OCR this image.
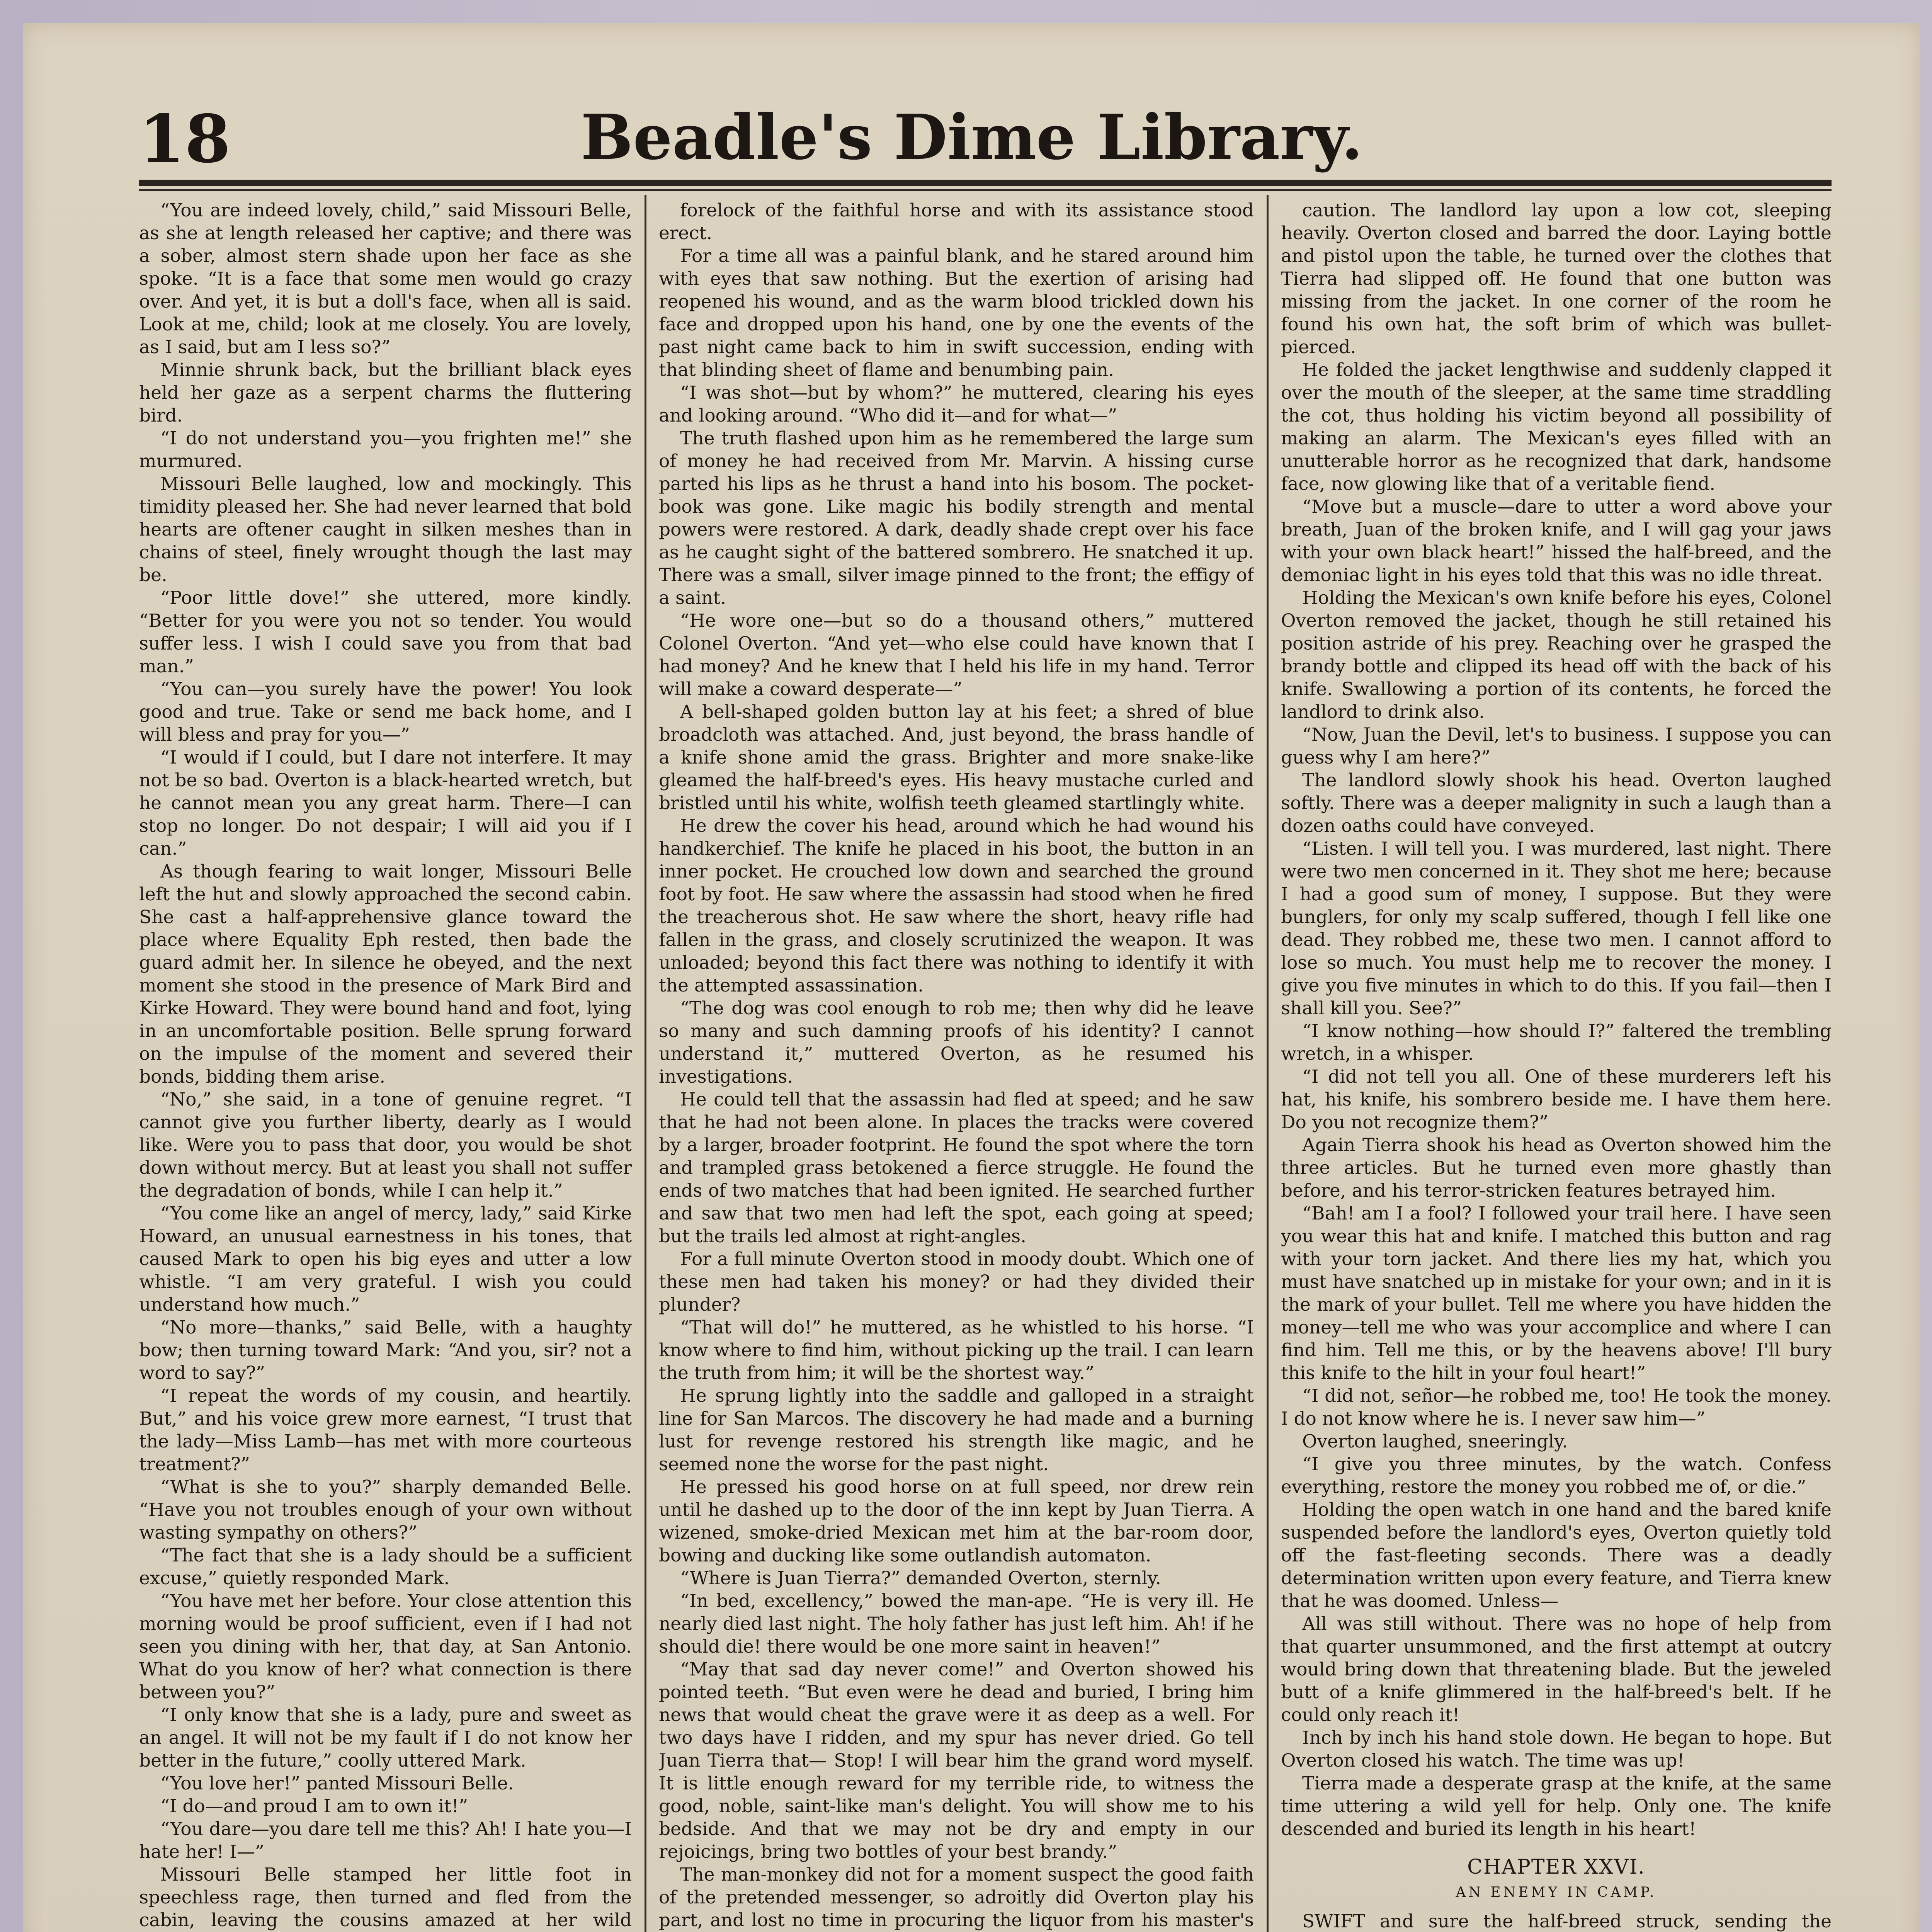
18	Beadle's Dime Library.

“You are indeed lovely, child,” said Missouri Belle, as she at length released her captive; and there was a sober, almost stern shade upon her face as she spoke. “It is a face that some men would go crazy over. And yet, it is but a doll's face, when all is said. Look at me, child; look at me closely. You are lovely, as I said, but am I less so?”

Minnie shrunk back, but the brilliant black eyes held her gaze as a serpent charms the fluttering bird.

“I do not understand you—you frighten me!” she murmured.

Missouri Belle laughed, low and mockingly. This timidity pleased her. She had never learned that bold hearts are oftener caught in silken meshes than in chains of steel, finely wrought though the last may be.

“Poor little dove!” she uttered, more kindly. “Better for you were you not so tender. You would suffer less. I wish I could save you from that bad man.”

“You can—you surely have the power! You look good and true. Take or send me back home, and I will bless and pray for you—”

“I would if I could, but I dare not interfere. It may not be so bad. Overton is a black-hearted wretch, but he cannot mean you any great harm. There—I can stop no longer. Do not despair; I will aid you if I can.”

As though fearing to wait longer, Missouri Belle left the hut and slowly approached the second cabin. She cast a half-apprehensive glance toward the place where Equality Eph rested, then bade the guard admit her. In silence he obeyed, and the next moment she stood in the presence of Mark Bird and Kirke Howard. They were bound hand and foot, lying in an uncomfortable position. Belle sprung forward on the impulse of the moment and severed their bonds, bidding them arise.

“No,” she said, in a tone of genuine regret. “I cannot give you further liberty, dearly as I would like. Were you to pass that door, you would be shot down without mercy. But at least you shall not suffer the degradation of bonds, while I can help it.”

“You come like an angel of mercy, lady,” said Kirke Howard, an unusual earnestness in his tones, that caused Mark to open his big eyes and utter a low whistle. “I am very grateful. I wish you could understand how much.”

“No more—thanks,” said Belle, with a haughty bow; then turning toward Mark: “And you, sir? not a word to say?”

“I repeat the words of my cousin, and heartily. But,” and his voice grew more earnest, “I trust that the lady—Miss Lamb—has met with more courteous treatment?”

“What is she to you?” sharply demanded Belle. “Have you not troubles enough of your own without wasting sympathy on others?”

“The fact that she is a lady should be a sufficient excuse,” quietly responded Mark.

“You have met her before. Your close attention this morning would be proof sufficient, even if I had not seen you dining with her, that day, at San Antonio. What do you know of her? what connection is there between you?”

“I only know that she is a lady, pure and sweet as an angel. It will not be my fault if I do not know her better in the future,” coolly uttered Mark.

“You love her!” panted Missouri Belle.

“I do—and proud I am to own it!”

“You dare—you dare tell me this? Ah! I hate you—I hate her! I—”

Missouri Belle stamped her little foot in speechless rage, then turned and fled from the cabin, leaving the cousins amazed at her wild

forelock of the faithful horse and with its assistance stood erect.

For a time all was a painful blank, and he stared around him with eyes that saw nothing. But the exertion of arising had reopened his wound, and as the warm blood trickled down his face and dropped upon his hand, one by one the events of the past night came back to him in swift succession, ending with that blinding sheet of flame and benumbing pain.

“I was shot—but by whom?” he muttered, clearing his eyes and looking around. “Who did it—and for what—”

The truth flashed upon him as he remembered the large sum of money he had received from Mr. Marvin. A hissing curse parted his lips as he thrust a hand into his bosom. The pocket-book was gone. Like magic his bodily strength and mental powers were restored. A dark, deadly shade crept over his face as he caught sight of the battered sombrero. He snatched it up. There was a small, silver image pinned to the front; the effigy of a saint.

“He wore one—but so do a thousand others,” muttered Colonel Overton. “And yet—who else could have known that I had money? And he knew that I held his life in my hand. Terror will make a coward desperate—”

A bell-shaped golden button lay at his feet; a shred of blue broadcloth was attached. And, just beyond, the brass handle of a knife shone amid the grass. Brighter and more snake-like gleamed the half-breed's eyes. His heavy mustache curled and bristled until his white, wolfish teeth gleamed startlingly white.

He drew the cover his head, around which he had wound his handkerchief. The knife he placed in his boot, the button in an inner pocket. He crouched low down and searched the ground foot by foot. He saw where the assassin had stood when he fired the treacherous shot. He saw where the short, heavy rifle had fallen in the grass, and closely scrutinized the weapon. It was unloaded; beyond this fact there was nothing to identify it with the attempted assassination.

“The dog was cool enough to rob me; then why did he leave so many and such damning proofs of his identity? I cannot understand it,” muttered Overton, as he resumed his investigations.

He could tell that the assassin had fled at speed; and he saw that he had not been alone. In places the tracks were covered by a larger, broader footprint. He found the spot where the torn and trampled grass betokened a fierce struggle. He found the ends of two matches that had been ignited. He searched further and saw that two men had left the spot, each going at speed; but the trails led almost at right-angles.

For a full minute Overton stood in moody doubt. Which one of these men had taken his money? or had they divided their plunder?

“That will do!” he muttered, as he whistled to his horse. “I know where to find him, without picking up the trail. I can learn the truth from him; it will be the shortest way.”

He sprung lightly into the saddle and galloped in a straight line for San Marcos. The discovery he had made and a burning lust for revenge restored his strength like magic, and he seemed none the worse for the past night.

He pressed his good horse on at full speed, nor drew rein until he dashed up to the door of the inn kept by Juan Tierra. A wizened, smoke-dried Mexican met him at the bar-room door, bowing and ducking like some outlandish automaton.

“Where is Juan Tierra?” demanded Overton, sternly.

“In bed, excellency,” bowed the man-ape. “He is very ill. He nearly died last night. The holy father has just left him. Ah! if he should die! there would be one more saint in heaven!”

“May that sad day never come!” and Overton showed his pointed teeth. “But even were he dead and buried, I bring him news that would cheat the grave were it as deep as a well. For two days have I ridden, and my spur has never dried. Go tell Juan Tierra that— Stop! I will bear him the grand word myself. It is little enough reward for my terrible ride, to witness the good, noble, saint-like man's delight. You will show me to his bedside. And that we may not be dry and empty in our rejoicings, bring two bottles of your best brandy.”

The man-monkey did not for a moment suspect the good faith of the pretended messenger, so adroitly did Overton play his part, and lost no time in procuring the liquor from his master's

caution. The landlord lay upon a low cot, sleeping heavily. Overton closed and barred the door. Laying bottle and pistol upon the table, he turned over the clothes that Tierra had slipped off. He found that one button was missing from the jacket. In one corner of the room he found his own hat, the soft brim of which was bullet-pierced.

He folded the jacket lengthwise and suddenly clapped it over the mouth of the sleeper, at the same time straddling the cot, thus holding his victim beyond all possibility of making an alarm. The Mexican's eyes filled with an unutterable horror as he recognized that dark, handsome face, now glowing like that of a veritable fiend.

“Move but a muscle—dare to utter a word above your breath, Juan of the broken knife, and I will gag your jaws with your own black heart!” hissed the half-breed, and the demoniac light in his eyes told that this was no idle threat.

Holding the Mexican's own knife before his eyes, Colonel Overton removed the jacket, though he still retained his position astride of his prey. Reaching over he grasped the brandy bottle and clipped its head off with the back of his knife. Swallowing a portion of its contents, he forced the landlord to drink also.

“Now, Juan the Devil, let's to business. I suppose you can guess why I am here?”

The landlord slowly shook his head. Overton laughed softly. There was a deeper malignity in such a laugh than a dozen oaths could have conveyed.

“Listen. I will tell you. I was murdered, last night. There were two men concerned in it. They shot me here; because I had a good sum of money, I suppose. But they were bunglers, for only my scalp suffered, though I fell like one dead. They robbed me, these two men. I cannot afford to lose so much. You must help me to recover the money. I give you five minutes in which to do this. If you fail—then I shall kill you. See?”

“I know nothing—how should I?” faltered the trembling wretch, in a whisper.

“I did not tell you all. One of these murderers left his hat, his knife, his sombrero beside me. I have them here. Do you not recognize them?”

Again Tierra shook his head as Overton showed him the three articles. But he turned even more ghastly than before, and his terror-stricken features betrayed him.

“Bah! am I a fool? I followed your trail here. I have seen you wear this hat and knife. I matched this button and rag with your torn jacket. And there lies my hat, which you must have snatched up in mistake for your own; and in it is the mark of your bullet. Tell me where you have hidden the money—tell me who was your accomplice and where I can find him. Tell me this, or by the heavens above! I'll bury this knife to the hilt in your foul heart!”

“I did not, señor—he robbed me, too! He took the money. I do not know where he is. I never saw him—”

Overton laughed, sneeringly.

“I give you three minutes, by the watch. Confess everything, restore the money you robbed me of, or die.”

Holding the open watch in one hand and the bared knife suspended before the landlord's eyes, Overton quietly told off the fast-fleeting seconds. There was a deadly determination written upon every feature, and Tierra knew that he was doomed. Unless—

All was still without. There was no hope of help from that quarter unsummoned, and the first attempt at outcry would bring down that threatening blade. But the jeweled butt of a knife glimmered in the half-breed's belt. If he could only reach it!

Inch by inch his hand stole down. He began to hope. But Overton closed his watch. The time was up!

Tierra made a desperate grasp at the knife, at the same time uttering a wild yell for help. Only one. The knife descended and buried its length in his heart!

CHAPTER XXVI.
AN ENEMY IN CAMP.

SWIFT and sure the half-breed struck, sending the
